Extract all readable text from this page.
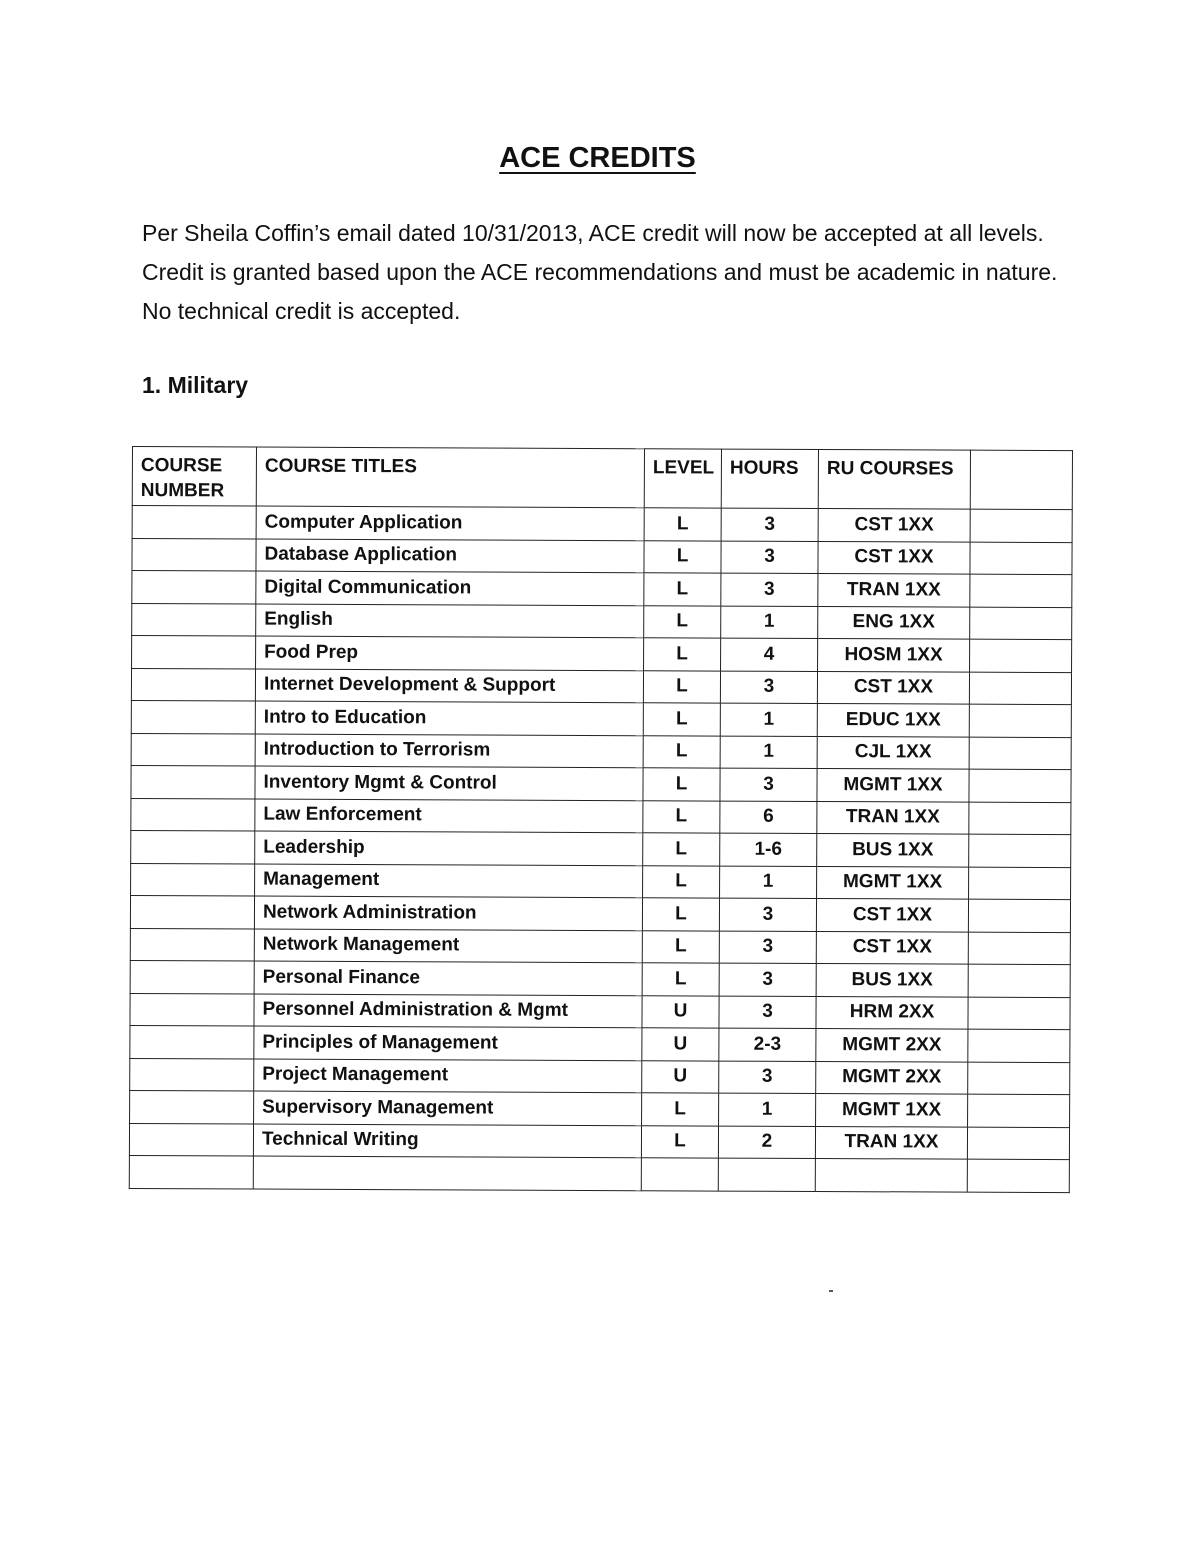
ACE CREDITS

Per Sheila Coffin’s email dated 10/31/2013, ACE credit will now be accepted at all levels. Credit is granted based upon the ACE recommendations and must be academic in nature. No technical credit is accepted.

1. Military
COURSE NUMBER	COURSE TITLES	LEVEL	HOURS	RU COURSES	
	Computer Application	L	3	CST 1XX	
	Database Application	L	3	CST 1XX	
	Digital Communication	L	3	TRAN 1XX	
	English	L	1	ENG 1XX	
	Food Prep	L	4	HOSM 1XX	
	Internet Development & Support	L	3	CST 1XX	
	Intro to Education	L	1	EDUC 1XX	
	Introduction to Terrorism	L	1	CJL 1XX	
	Inventory Mgmt & Control	L	3	MGMT 1XX	
	Law Enforcement	L	6	TRAN 1XX	
	Leadership	L	1-6	BUS 1XX	
	Management	L	1	MGMT 1XX	
	Network Administration	L	3	CST 1XX	
	Network Management	L	3	CST 1XX	
	Personal Finance	L	3	BUS 1XX	
	Personnel Administration & Mgmt	U	3	HRM 2XX	
	Principles of Management	U	2-3	MGMT 2XX	
	Project Management	U	3	MGMT 2XX	
	Supervisory Management	L	1	MGMT 1XX	
	Technical Writing	L	2	TRAN 1XX	
